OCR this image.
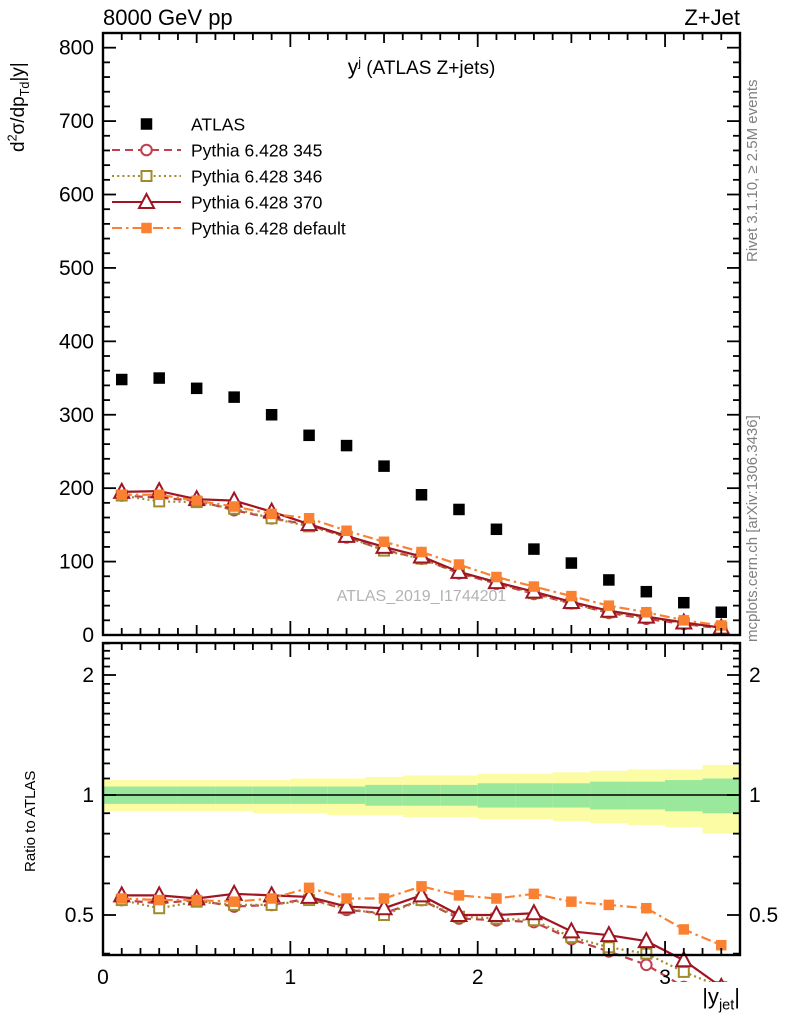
0
100
200
300
400
500
600
700
800
0	1	2	3
0.5	0.5
1	1
2	2
ATLAS
Pythia 6.428 345
Pythia 6.428 346
Pythia 6.428 370
Pythia 6.428 default
8000 GeV pp	Z+Jet
$y^j$ (ATLAS Z+jets)
$d^2\sigma/dp_{Td}|y|$
Rivet 3.1.10, ≥ 2.5M events
mcplots.cern.ch [arXiv:1306.3436]
ATLAS_2019_I1744201
Ratio to ATLAS
$|y_{jet}|$
